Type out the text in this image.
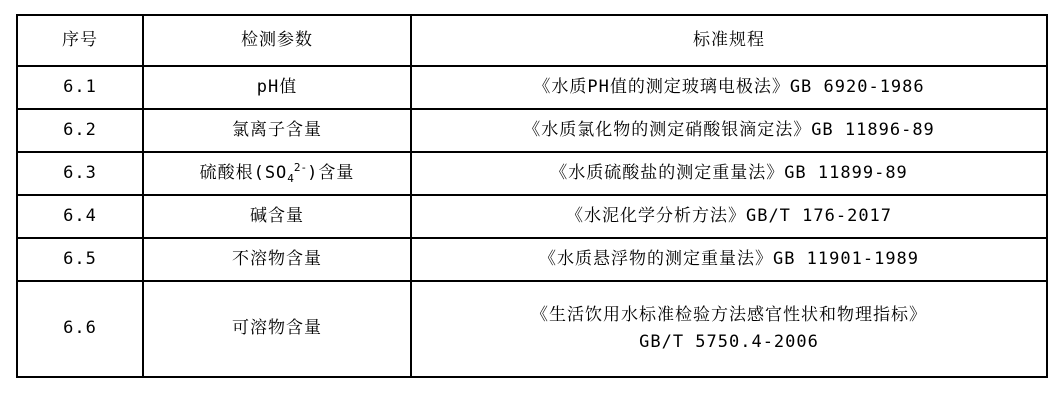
序号	检测参数	标准规程
6.1	pH值	《水质PH值的测定玻璃电极法》GB 6920-1986
6.2	氯离子含量	《水质氯化物的测定硝酸银滴定法》GB 11896-89
6.3	硫酸根$(SO_4^{2-})$含量	《水质硫酸盐的测定重量法》GB 11899-89
6.4	碱含量	《水泥化学分析方法》GB/T 176-2017
6.5	不溶物含量	《水质悬浮物的测定重量法》GB 11901-1989
6.6	可溶物含量	《生活饮用水标准检验方法感官性状和物理指标》
GB/T 5750.4-2006
